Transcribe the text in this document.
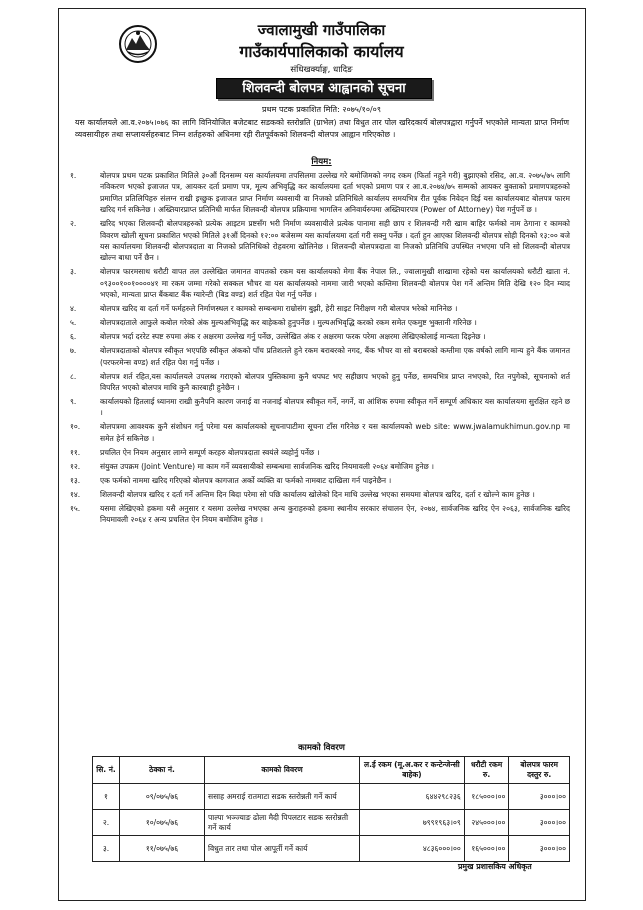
ज्वालामुखी गाउँपालिका
गाउँकार्यपालिकाको कार्यालय
संधिखर्क्याङ्ग, धादिङ
शिलवन्दी बोलपत्र आह्वानको सूचना
प्रथम पटक प्रकाशित मिति: २०७५/१०/०९
यस कार्यालयले आ.व.२०७५।०७६ का लागि विनियोजित बजेटबाट सडकको स्तरोन्नति (ग्राभेल) तथा विधुत तार पोल खरिदकार्य बोलपत्रद्वारा गर्नुपर्ने भएकोले मान्यता प्राप्त निर्माण व्यवसायीहरु तथा सप्लायर्सहरुबाट निम्न शर्तहरुको अधिनमा रही रीतपूर्वकको शिलवन्दी बोलपत्र आह्वान गरिएकोछ ।
नियम:
१.	बोलपत्र प्रथम पटक प्रकाशित मितिले ३०औं दिनसम्म यस कार्यालयमा तपसिलमा उल्लेख गरे बमोजिमको नगद रकम (फिर्ता नहुने गरी) बुझाएको रसिद, आ.व. २०७५/७५ लागि नविकरण भएको इजाजत पत्र, आयकर दर्ता प्रमाण पत्र, मूल्य अभिवृद्धि कर कार्यालयमा दर्ता भएको प्रमाण पत्र र आ.व.२०७४/७५ सम्मको आयकर बुक्ताको प्रमाणपत्रहरुको प्रमाणित प्रतिलिपिहरु संलग्न राखी इच्छुक इजाजत प्राप्त निर्माण व्यवसायी वा निजको प्रतिनिधिले कार्यालय समयभित्र रीत पूर्वक निवेदन दिई यस कार्यालयबाट बोलपत्र फारम खरिद गर्न सकिनेछ । अख्तियारप्राप्त प्रतिनिधी मार्फत शिलवन्दी बोलपत्र प्रक्रियामा भागलिन अनिवार्यरुपमा अख्तियारपत्र (Power of Attorney) पेश गर्नुपर्ने छ ।
२.	खरिद भएका शिलवन्दी बोलपत्रहरुको प्रत्येक आइटम प्रष्टसँग भरी निर्माण व्यवसायीले प्रत्येक पानामा सही छाप र शिलवन्दी गरी खाम बाहिर फर्मको नाम ठेगाना र कामको विवरण खोली सूचना प्रकाशित भएको मितिले ३१औं दिनको १२:०० बजेसम्म यस कार्यालयमा दर्ता गरी सक्नु पर्नेछ । दर्ता हुन आएका शिलवन्दी बोलपत्र सोही दिनको १३:०० बजे यस कार्यालयमा शिलवन्दी बोलपत्रदाता वा निजको प्रतिनिधिको रोहवरमा खोलिनेछ । शिलवन्दी बोलपत्रदाता वा निजको प्रतिनिधि उपस्थित नभएमा पनि सो शिलवन्दी बोलपत्र खोल्न बाधा पर्ने छैन ।
३.	बोलपत्र फारमसाथ धरौटी वापत तल उल्लेखित जमानत वापतको रकम यस कार्यालयको मेगा बैंक नेपाल लि., ज्वालामुखी शाखामा रहेको यस कार्यालयको धरौटी खाता नं. ०९३००१००१००००४१ मा रकम जम्मा गरेको सक्कल भौचर वा यस कार्यालयको नाममा जारी भएको कम्तिमा शिलवन्दी बोलपत्र पेश गर्ने अन्तिम मिति देखि १२० दिन म्याद भएको, मान्यता प्राप्त बैंकबाट बैंक ग्यारेन्टी (बिड वण्ड) शर्त रहित पेश गर्नु पर्नेछ ।
४.	बोलपत्र खरिद वा दर्ता गर्ने फर्महरुले निर्माणस्थल र कामको सम्बन्धमा राम्रोसंग बुझी, हेरी साइट निरीक्षण गरी बोलपत्र भरेको मानिनेछ ।
५.	बोलपत्रदाताले आफुले कबोल गरेको अंक मुल्यअभिवृद्धि कर बाहेकको हुनुपर्नेछ । मुल्यअभिवृद्धि करको रकम समेत एकमुष्ट भुक्तानी गरिनेछ ।
६.	बोलपत्र भर्दा दररेट स्पष्ट रुपमा अंक र अक्षरमा उल्लेख गर्नु पर्नेछ, उल्लेखित अंक र अक्षरमा फरक परेमा अक्षरमा लेखिएकोलाई मान्यता दिइनेछ ।
७.	बोलपत्रदाताको बोलपत्र स्वीकृत भएपछि स्वीकृत अंकको पाँच प्रतिशतले हुने रकम बराबरको नगद, बैंक भौचर वा सो बराबरको कम्तीमा एक वर्षको लागि मान्य हुने बैंक जमानत (परफरमेन्स वण्ड) शर्त रहित पेश गर्नु पर्नेछ ।
८.	बोलपत्र शर्त रहित,यस कार्यालयले उपलब्ध गराएको बोलपत्र पुस्तिकामा कुनै थपघट भए सहीछाप भएको हुनु पर्नेछ, समयभित्र प्राप्त नभएको, रित नपुगेको, सूचनाको शर्त विपरित भएको बोलपत्र माथि कुनै कारबाही हुनेछैन ।
९.	कार्यालयको हितलाई ध्यानमा राखी कुनैपनि कारण जनाई वा नजनाई बोलपत्र स्वीकृत गर्ने, नगर्ने, वा आंशिक रुपमा स्वीकृत गर्ने सम्पूर्ण अधिकार यस कार्यालयमा सुरक्षित रहने छ ।
१०.	बोलपत्रमा आवश्यक कुनै संशोधन गर्नु परेमा यस कार्यालयको सूचनापाटीमा सूचना टाँस गरिनेछ र यस कार्यालयको web site: www.jwalamukhimun.gov.np मा समेत हेर्न सकिनेछ ।
११.	प्रचलित ऐन नियम अनुसार लाग्ने सम्पूर्ण करहरु बोलपत्रदाता स्वयंले व्यहोर्नु पर्नेछ ।
१२.	संयुक्त उपक्रम (Joint Venture) मा काम गर्ने व्यवसायीको सम्बन्धमा सार्वजनिक खरिद नियमावली २०६४ बमोजिम हुनेछ ।
१३.	एक फर्मको नाममा खरिद गरिएको बोलपत्र कागजात अर्को व्यक्ति वा फर्मको नामबाट दाखिला गर्न पाइनेछैन ।
१४.	शिलवन्दी बोलपत्र खरिद र दर्ता गर्ने अन्तिम दिन बिदा परेमा सो पछि कार्यालय खोलेको दिन माथि उल्लेख भएका समयमा बोलपत्र खरिद, दर्ता र खोल्ने काम हुनेछ ।
१५.	यसमा लेखिएको हकमा यसै अनुसार र यसमा उल्लेख नभएका अन्य कुराहरुको हकमा स्थानीय सरकार संचालन ऐन, २०७४, सार्वजनिक खरिद ऐन २०६३, सार्वजनिक खरिद नियमावली २०६४ र अन्य प्रचलित ऐन नियम बमोजिम हुनेछ ।
कामको विवरण
सि. नं.	ठेक्का नं.	कामको विवरण	ल.ई रकम (मू.अ.कर र कन्टेन्जेन्सी बाहेक)	धरौटी रकम रु.	बोलपत्र फारम दस्तुर रु.
१	०९/०७५/७६	ससाह अमराई रातमाटा सडक स्तरोन्नती गर्ने कार्य	६४४२९८२३६	१८५०००।००	३०००।००
२.	१०/०७५/७६	पाल्पा भञ्ज्याङ ढोला मैदी पिपलटार सडक स्तरोन्नती गर्ने कार्य	७९९१९६३।०९	२४५०००।००	३०००।००
३.	११/०७५/७६	विधुत तार तथा पोल आपूर्ती गर्ने कार्य	४८३६०००।००	१६५०००।००	३०००।००
प्रमुख प्रशासकिय अधिकृत
